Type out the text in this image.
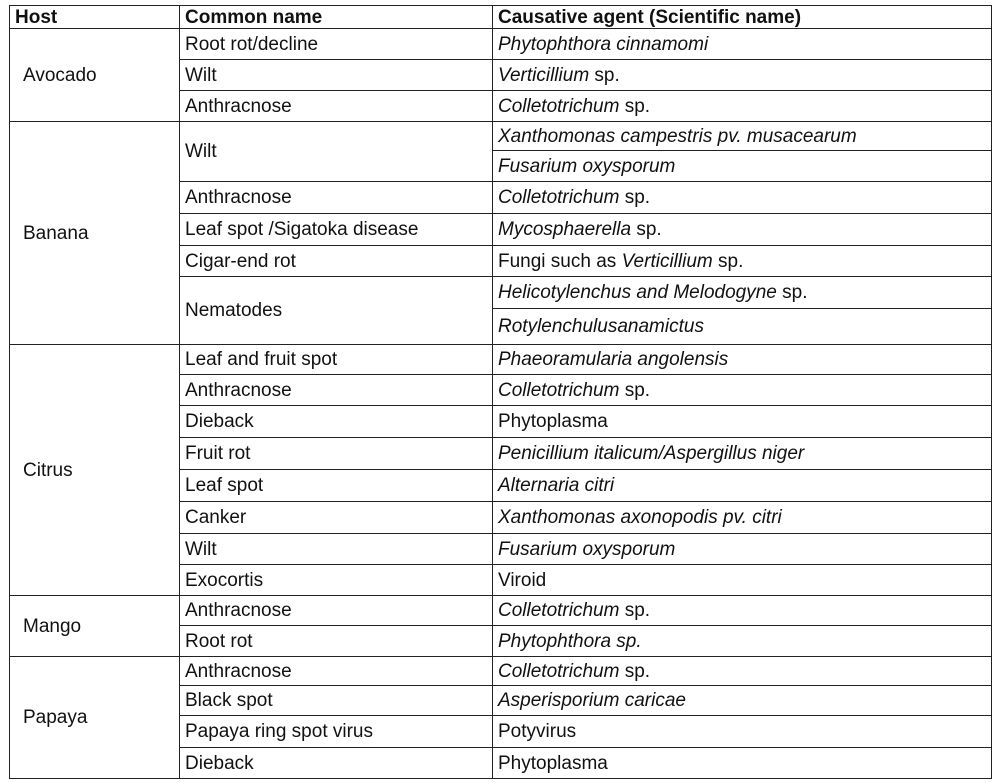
Host	Common name	Causative agent (Scientific name)
Avocado	Root rot/decline	Phytophthora cinnamomi
	Wilt	Verticillium sp.
	Anthracnose	Colletotrichum sp.
Banana	Wilt	Xanthomonas campestris pv. musacearum
		Fusarium oxysporum
	Anthracnose	Colletotrichum sp.
	Leaf spot /Sigatoka disease	Mycosphaerella sp.
	Cigar-end rot	Fungi such as Verticillium sp.
	Nematodes	Helicotylenchus and Melodogyne sp.
		Rotylenchulusanamictus
Citrus	Leaf and fruit spot	Phaeoramularia angolensis
	Anthracnose	Colletotrichum sp.
	Dieback	Phytoplasma
	Fruit rot	Penicillium italicum/Aspergillus niger
	Leaf spot	Alternaria citri
	Canker	Xanthomonas axonopodis pv. citri
	Wilt	Fusarium oxysporum
	Exocortis	Viroid
Mango	Anthracnose	Colletotrichum sp.
	Root rot	Phytophthora sp.
Papaya	Anthracnose	Colletotrichum sp.
	Black spot	Asperisporium caricae
	Papaya ring spot virus	Potyvirus
	Dieback	Phytoplasma
